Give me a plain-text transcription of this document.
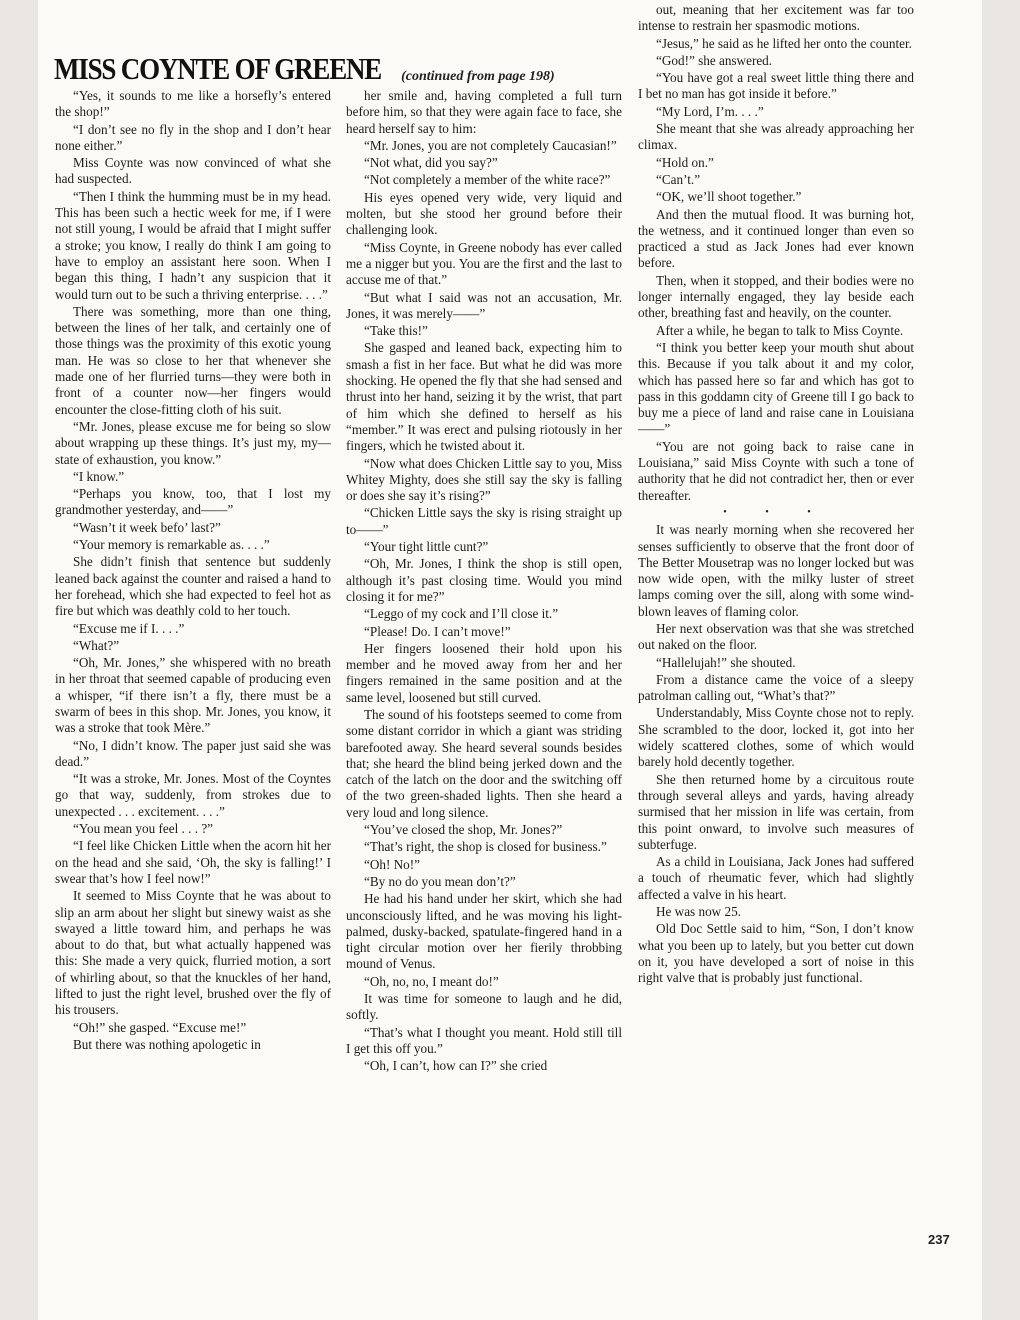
MISS COYNTE OF GREENE (continued from page 198)

“Yes, it sounds to me like a horsefly’s entered the shop!”

“I don’t see no fly in the shop and I don’t hear none either.”

Miss Coynte was now convinced of what she had suspected.

“Then I think the humming must be in my head. This has been such a hectic week for me, if I were not still young, I would be afraid that I might suffer a stroke; you know, I really do think I am going to have to employ an assistant here soon. When I began this thing, I hadn’t any suspicion that it would turn out to be such a thriving enterprise. . . .”

There was something, more than one thing, between the lines of her talk, and certainly one of those things was the proximity of this exotic young man. He was so close to her that whenever she made one of her flurried turns—they were both in front of a counter now—her fingers would encounter the close-fitting cloth of his suit.

“Mr. Jones, please excuse me for being so slow about wrapping up these things. It’s just my, my—state of exhaustion, you know.”

“I know.”

“Perhaps you know, too, that I lost my grandmother yesterday, and——”

“Wasn’t it week befo’ last?”

“Your memory is remarkable as. . . .”

She didn’t finish that sentence but suddenly leaned back against the counter and raised a hand to her forehead, which she had expected to feel hot as fire but which was deathly cold to her touch.

“Excuse me if I. . . .”

“What?”

“Oh, Mr. Jones,” she whispered with no breath in her throat that seemed capable of producing even a whisper, “if there isn’t a fly, there must be a swarm of bees in this shop. Mr. Jones, you know, it was a stroke that took Mère.”

“No, I didn’t know. The paper just said she was dead.”

“It was a stroke, Mr. Jones. Most of the Coyntes go that way, suddenly, from strokes due to unexpected . . . excitement. . . .”

“You mean you feel . . . ?”

“I feel like Chicken Little when the acorn hit her on the head and she said, ‘Oh, the sky is falling!’ I swear that’s how I feel now!”

It seemed to Miss Coynte that he was about to slip an arm about her slight but sinewy waist as she swayed a little toward him, and perhaps he was about to do that, but what actually happened was this: She made a very quick, flurried motion, a sort of whirling about, so that the knuckles of her hand, lifted to just the right level, brushed over the fly of his trousers.

“Oh!” she gasped. “Excuse me!”

But there was nothing apologetic in

her smile and, having completed a full turn before him, so that they were again face to face, she heard herself say to him:

“Mr. Jones, you are not completely Caucasian!”

“Not what, did you say?”

“Not completely a member of the white race?”

His eyes opened very wide, very liquid and molten, but she stood her ground before their challenging look.

“Miss Coynte, in Greene nobody has ever called me a nigger but you. You are the first and the last to accuse me of that.”

“But what I said was not an accusation, Mr. Jones, it was merely——”

“Take this!”

She gasped and leaned back, expecting him to smash a fist in her face. But what he did was more shocking. He opened the fly that she had sensed and thrust into her hand, seizing it by the wrist, that part of him which she defined to herself as his “member.” It was erect and pulsing riotously in her fingers, which he twisted about it.

“Now what does Chicken Little say to you, Miss Whitey Mighty, does she still say the sky is falling or does she say it’s rising?”

“Chicken Little says the sky is rising straight up to——”

“Your tight little cunt?”

“Oh, Mr. Jones, I think the shop is still open, although it’s past closing time. Would you mind closing it for me?”

“Leggo of my cock and I’ll close it.”

“Please! Do. I can’t move!”

Her fingers loosened their hold upon his member and he moved away from her and her fingers remained in the same position and at the same level, loosened but still curved.

The sound of his footsteps seemed to come from some distant corridor in which a giant was striding barefooted away. She heard several sounds besides that; she heard the blind being jerked down and the catch of the latch on the door and the switching off of the two green-shaded lights. Then she heard a very loud and long silence.

“You’ve closed the shop, Mr. Jones?”

“That’s right, the shop is closed for business.”

“Oh! No!”

“By no do you mean don’t?”

He had his hand under her skirt, which she had unconsciously lifted, and he was moving his light-palmed, dusky-backed, spatulate-fingered hand in a tight circular motion over her fierily throbbing mound of Venus.

“Oh, no, no, I meant do!”

It was time for someone to laugh and he did, softly.

“That’s what I thought you meant. Hold still till I get this off you.”

“Oh, I can’t, how can I?” she cried

out, meaning that her excitement was far too intense to restrain her spasmodic motions.

“Jesus,” he said as he lifted her onto the counter.

“God!” she answered.

“You have got a real sweet little thing there and I bet no man has got inside it before.”

“My Lord, I’m. . . .”

She meant that she was already approaching her climax.

“Hold on.”

“Can’t.”

“OK, we’ll shoot together.”

And then the mutual flood. It was burning hot, the wetness, and it continued longer than even so practiced a stud as Jack Jones had ever known before.

Then, when it stopped, and their bodies were no longer internally engaged, they lay beside each other, breathing fast and heavily, on the counter.

After a while, he began to talk to Miss Coynte.

“I think you better keep your mouth shut about this. Because if you talk about it and my color, which has passed here so far and which has got to pass in this goddamn city of Greene till I go back to buy me a piece of land and raise cane in Louisiana——”

“You are not going back to raise cane in Louisiana,” said Miss Coynte with such a tone of authority that he did not contradict her, then or ever thereafter.

• • •

It was nearly morning when she recovered her senses sufficiently to observe that the front door of The Better Mousetrap was no longer locked but was now wide open, with the milky luster of street lamps coming over the sill, along with some wind-blown leaves of flaming color.

Her next observation was that she was stretched out naked on the floor.

“Hallelujah!” she shouted.

From a distance came the voice of a sleepy patrolman calling out, “What’s that?”

Understandably, Miss Coynte chose not to reply. She scrambled to the door, locked it, got into her widely scattered clothes, some of which would barely hold decently together.

She then returned home by a circuitous route through several alleys and yards, having already surmised that her mission in life was certain, from this point onward, to involve such measures of subterfuge.

As a child in Louisiana, Jack Jones had suffered a touch of rheumatic fever, which had slightly affected a valve in his heart.

He was now 25.

Old Doc Settle said to him, “Son, I don’t know what you been up to lately, but you better cut down on it, you have developed a sort of noise in this right valve that is probably just functional.

237
